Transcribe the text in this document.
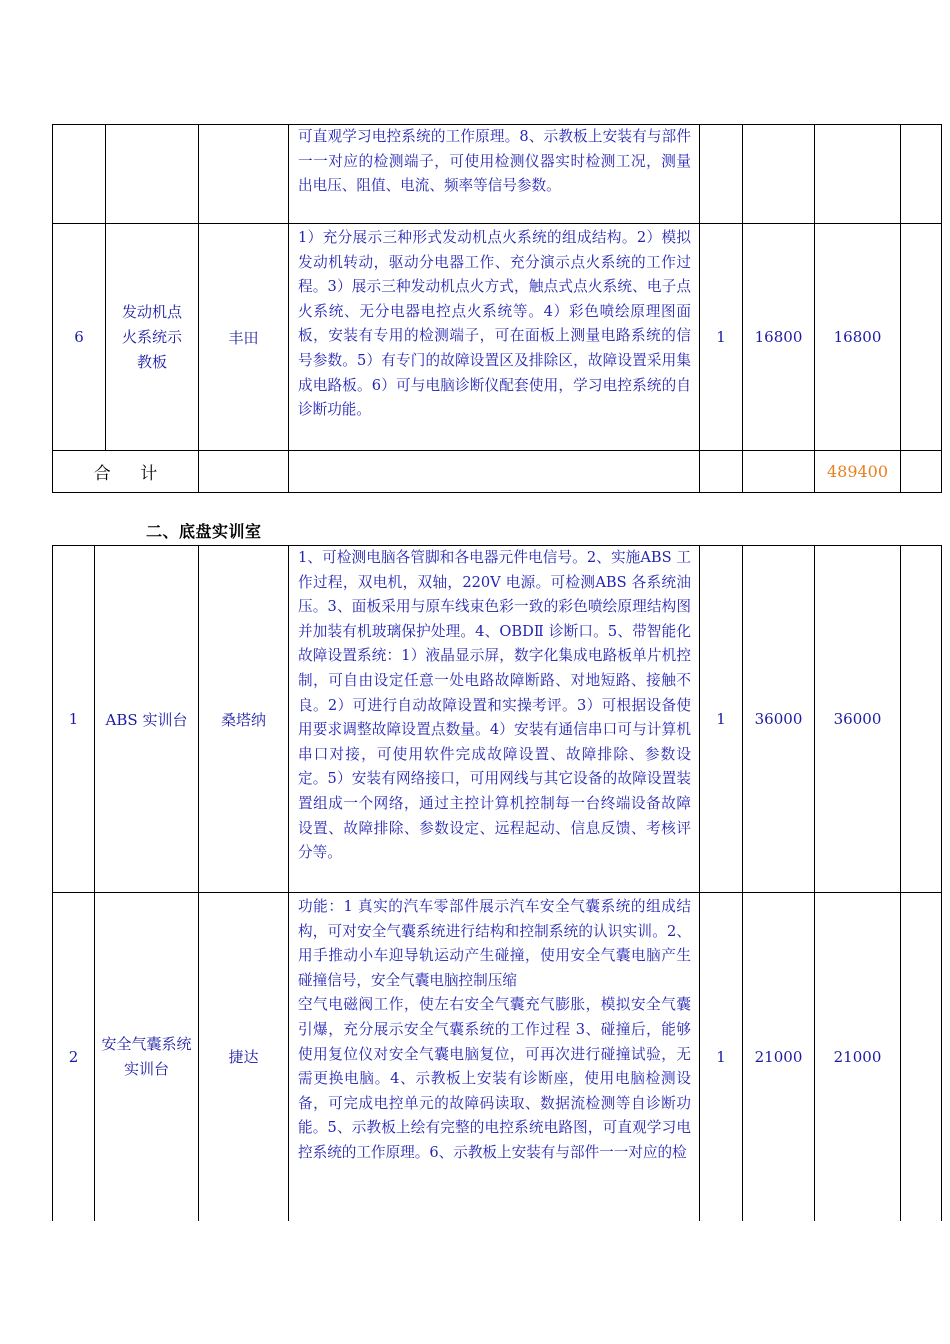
			可直观学习电控系统的工作原理。8、示教板上安装有与部件一一对应的检测端子，可使用检测仪器实时检测工况，测量出电压、阻值、电流、频率等信号参数。				

6	发动机点火系统示教板	丰田	1）充分展示三种形式发动机点火系统的组成结构。2）模拟发动机转动，驱动分电器工作、充分演示点火系统的工作过程。3）展示三种发动机点火方式，触点式点火系统、电子点火系统、无分电器电控点火系统等。4）彩色喷绘原理图面板，安装有专用的检测端子，可在面板上测量电路系统的信号参数。5）有专门的故障设置区及排除区，故障设置采用集成电路板。6）可与电脑诊断仪配套使用，学习电控系统的自诊断功能。	1	16800	16800	
合 计						489400	
二、底盘实训室
1	ABS 实训台	桑塔纳	1、可检测电脑各管脚和各电器元件电信号。2、实施ABS 工作过程，双电机，双轴，220V 电源。可检测ABS 各系统油压。3、面板采用与原车线束色彩一致的彩色喷绘原理结构图并加装有机玻璃保护处理。4、OBDⅡ 诊断口。5、带智能化故障设置系统：1）液晶显示屏，数字化集成电路板单片机控制，可自由设定任意一处电路故障断路、对地短路、接触不良。2）可进行自动故障设置和实操考评。3）可根据设备使用要求调整故障设置点数量。4）安装有通信串口可与计算机串口对接，可使用软件完成故障设置、故障排除、参数设定。5）安装有网络接口，可用网线与其它设备的故障设置装置组成一个网络，通过主控计算机控制每一台终端设备故障设置、故障排除、参数设定、远程起动、信息反馈、考核评分等。	1	36000	36000	
2	安全气囊系统实训台	捷达	功能：1 真实的汽车零部件展示汽车安全气囊系统的组成结构，可对安全气囊系统进行结构和控制系统的认识实训。2、用手推动小车迎导轨运动产生碰撞，使用安全气囊电脑产生碰撞信号，安全气囊电脑控制压缩
空气电磁阀工作，使左右安全气囊充气膨胀，模拟安全气囊引爆，充分展示安全气囊系统的工作过程 3、碰撞后，能够使用复位仪对安全气囊电脑复位，可再次进行碰撞试验，无需更换电脑。4、示教板上安装有诊断座，使用电脑检测设备，可完成电控单元的故障码读取、数据流检测等自诊断功能。5、示教板上绘有完整的电控系统电路图，可直观学习电控系统的工作原理。6、示教板上安装有与部件一一对应的检	1	21000	21000	
